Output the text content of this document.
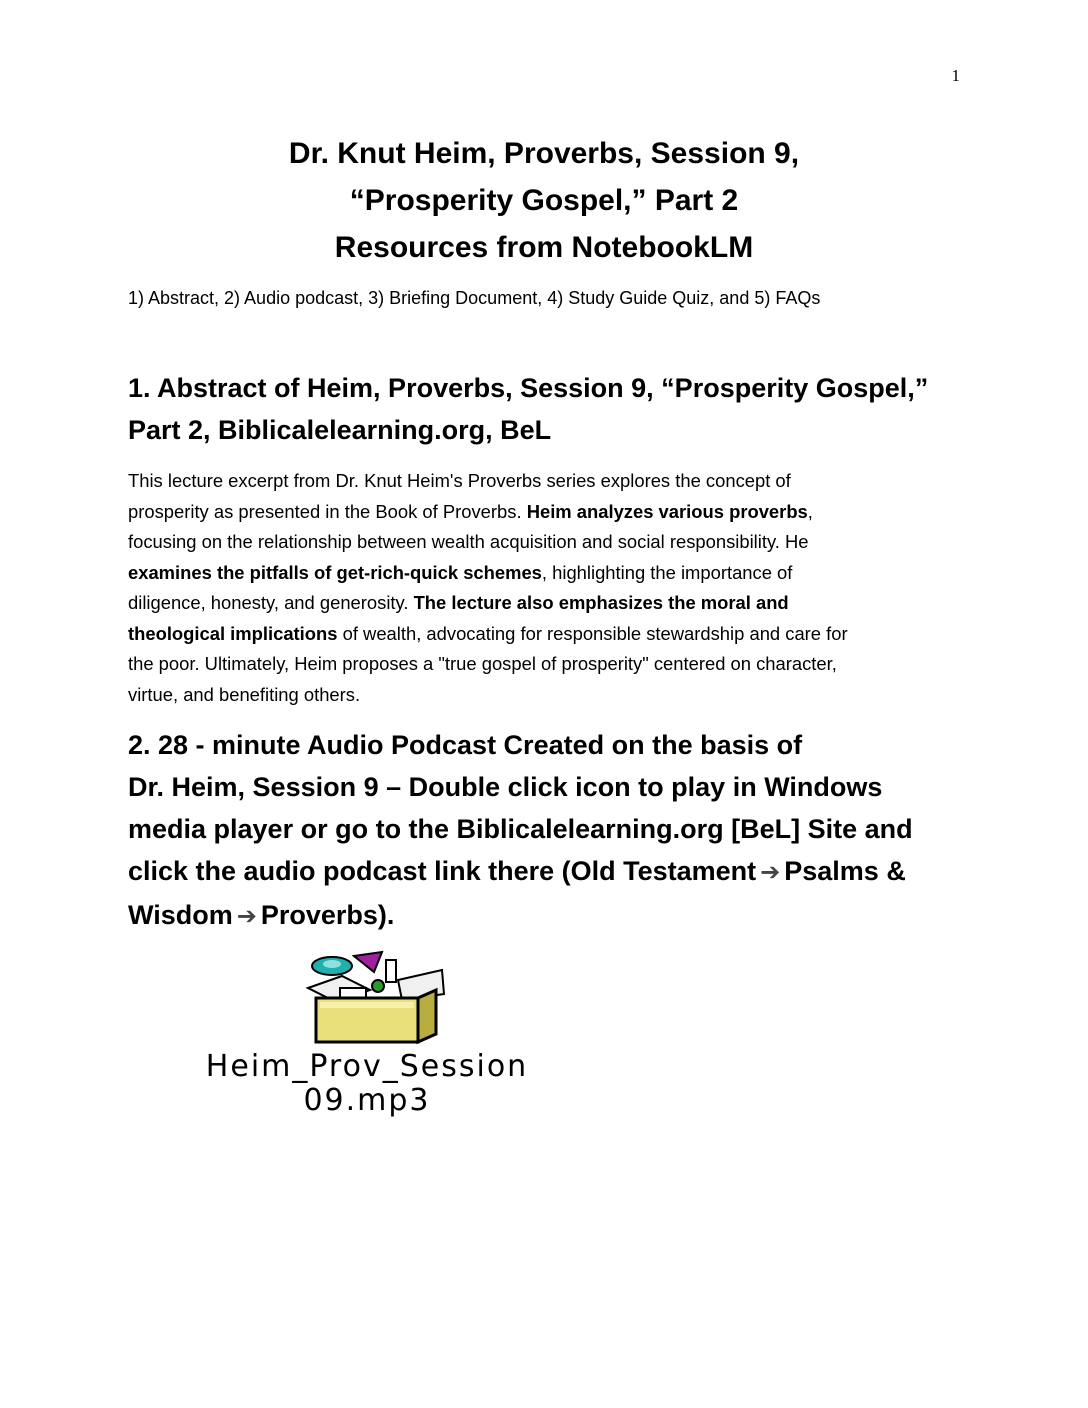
1
Dr. Knut Heim, Proverbs, Session 9,
“Prosperity Gospel,” Part 2
Resources from NotebookLM
1) Abstract, 2) Audio podcast, 3) Briefing Document, 4) Study Guide Quiz, and 5) FAQs
1. Abstract of Heim, Proverbs, Session 9, “Prosperity Gospel,”
Part 2, Biblicalelearning.org, BeL
This lecture excerpt from Dr. Knut Heim's Proverbs series explores the concept of
prosperity as presented in the Book of Proverbs. Heim analyzes various proverbs,
focusing on the relationship between wealth acquisition and social responsibility. He
examines the pitfalls of get-rich-quick schemes, highlighting the importance of
diligence, honesty, and generosity. The lecture also emphasizes the moral and
theological implications of wealth, advocating for responsible stewardship and care for
the poor. Ultimately, Heim proposes a "true gospel of prosperity" centered on character,
virtue, and benefiting others.
2. 28 - minute Audio Podcast Created on the basis of
Dr. Heim, Session 9 – Double click icon to play in Windows
media player or go to the Biblicalelearning.org [BeL] Site and
click the audio podcast link there (Old Testament ➔ Psalms &
Wisdom ➔ Proverbs).
Heim_Prov_Session
09.mp3
